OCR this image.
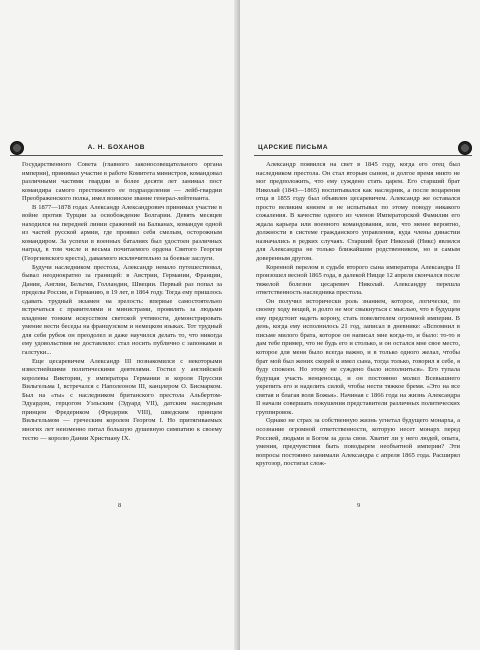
А. Н. БОХАНОВ

Государственного Совета (главного законосовещательного органа империи), принимал участие в работе Комитета министров, командовал различными частями гвардии и более десяти лет занимал пост командира самого престижного ее подразделения — лейб-гвардии Преображенского полка, имел воинское звание генерал-лейтенанта.

В 1877—1878 годах Александр Александрович принимал участие в войне против Турции за освобождение Болгарии. Девять месяцев находился на передней линии сражений на Балканах, командуя одной из частей русской армии, где проявил себя смелым, осторожным командиром. За успехи в военных баталиях был удостоен различных наград, в том числе и весьма почитаемого ордена Святого Георгия (Георгиевского креста), даваемого исключительно за боевые заслуги.

Будучи наследником престола, Александр немало путешествовал, бывал неоднократно за границей: в Австрии, Германии, Франции, Дании, Англии, Бельгии, Голландии, Швеции. Первый раз попал за пределы России, в Германию, в 19 лет, в 1864 году. Тогда ему пришлось сдавать трудный экзамен на зрелость: впервые самостоятельно встречаться с правителями и министрами, проявлять за людьми владение тонким искусством светской учтивости, демонстрировать умение вести беседы на французском и немецком языках. Тот трудный для себя рубеж он преодолел и даже научился делать то, что никогда ему удовольствия не доставляло: стал носить публично с запонками и галстуки...

Еще цесаревичем Александр III познакомился с некоторыми известнейшими политическими деятелями. Гостил у английской королевы Виктории, у императора Германии и короля Пруссии Вильгельма I, встречался с Наполеоном III, канцлером О. Бисмарком. Был на «ты» с наследником британского престола Альбертом-Эдуардом, герцогом Уэльским (Эдуард VII), датским наследным принцем Фредериком (Фредерик VIII), шведским принцем Вильгельмом — греческим королем Георгом I. Но притягиваемых многих лет неизменно питал большую душевную симпатию к своему тестю — королю Дании Христиану IX.

8
ЦАРСКИЕ ПИСЬМА

Александр появился на свет в 1845 году, когда его отец был наследником престола. Он стал вторым сыном, и долгое время никто не мог предположить, что ему суждено стать царем. Его старший брат Николай (1843—1865) воспитывался как наследник, а после воцарения отца в 1855 году был объявлен цесаревичем. Александр же оставался просто великим князем и не испытывал по этому поводу никакого сожаления. В качестве одного из членов Императорской Фамилии его ждала карьера или военного командования, или, что менее вероятно, должности в системе гражданского управления, куда члены династии назначались в редких случаях. Старший брат Николай (Никс) являлся для Александра не только ближайшим родственником, но и самым доверенным другом.

Коренной перелом в судьбе второго сына императора Александра II произошел весной 1865 года, в далекой Ницце 12 апреля скончался после тяжелой болезни цесаревич Николай. Александру перешла ответственность наследника престола.

Он получил исторически роль знанием, которое, логически, по своему ходу вещей, и долго не мог свыкнуться с мыслью, что в будущем ему предстоит надеть корону, стать повелителем огромной империи. В день, когда ему исполнилось 21 год, записал в дневнике: «Вспомнил в письме милого брата, которое он написал мне когда-то, и было: то-то я дам тебе пример, что не будь его и столько, и он остался мне свое место, которое для меня было всегда важно, и в только одного желал, чтобы брат мой был жених скорей и имел сына, тогда только, говорил я себе, я буду спокоен. Но этому не суждено было исполниться». Его тупала будущая участь венценосца, и он постоянно молил Всевышнего укрепить его и наделить силой, чтобы нести тяжкое бремя. «Это на все святая и благая воля Божья». Начиная с 1866 года на жизнь Александра II начали совершать покушения представители различных политических группировок.

Однако не страх за собственную жизнь угнетал будущего монарха, а осознание огромной ответственности, которую несет монарх перед Россией, людьми и Богом за дела свои. Хватит ли у него людей, опыта, умения, предчувствия быть поводырем необъятной империи? Эти вопросы постоянно занимали Александра с апреля 1865 года. Расширял кругозор, постигал слож-

9
